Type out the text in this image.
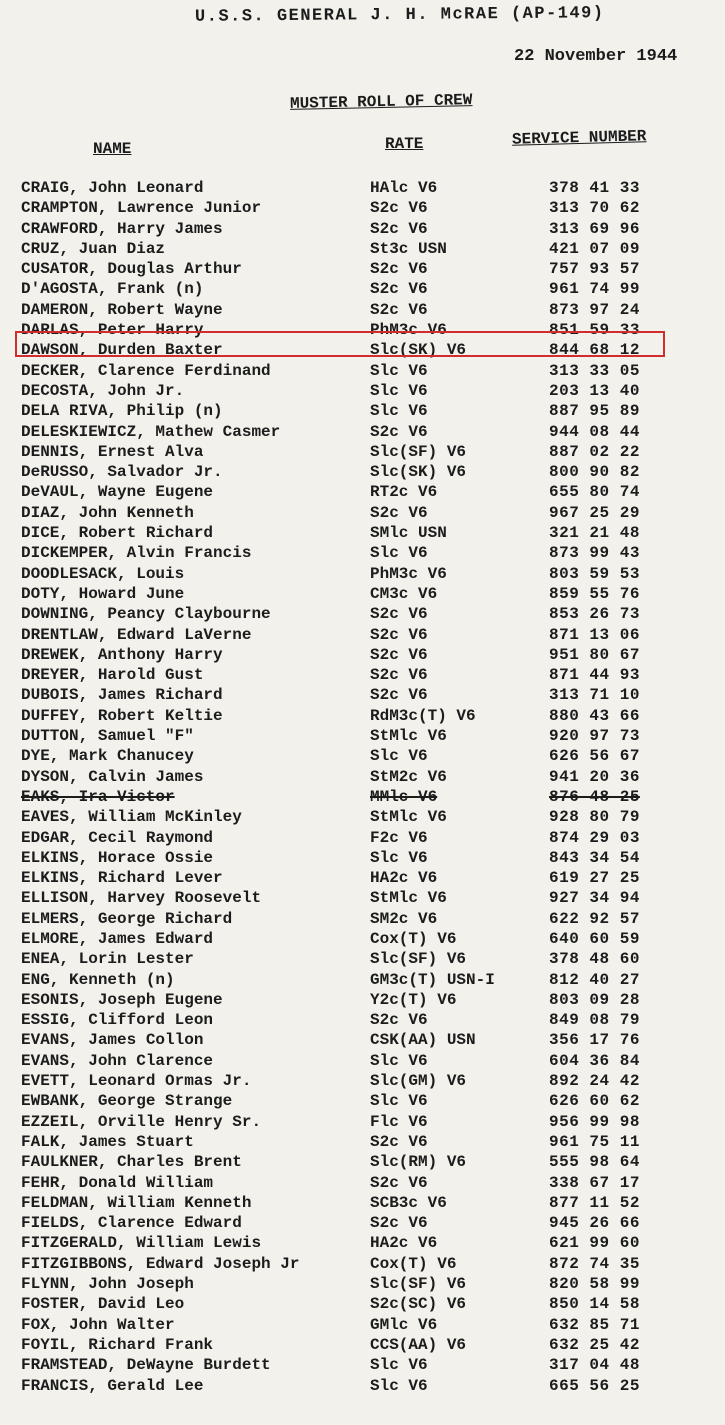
U.S.S. GENERAL J. H. McRAE (AP-149)
22 November 1944
MUSTER ROLL OF CREW
NAME	RATE	SERVICE NUMBER
CRAIG, John Leonard	HAlc V6	378 41 33
CRAMPTON, Lawrence Junior	S2c V6	313 70 62
CRAWFORD, Harry James	S2c V6	313 69 96
CRUZ, Juan Diaz	St3c USN	421 07 09
CUSATOR, Douglas Arthur	S2c V6	757 93 57
D'AGOSTA, Frank (n)	S2c V6	961 74 99
DAMERON, Robert Wayne	S2c V6	873 97 24
DARLAS, Peter Harry	PhM3c V6	851 59 33
DAWSON, Durden Baxter	Slc(SK) V6	844 68 12
DECKER, Clarence Ferdinand	Slc V6	313 33 05
DECOSTA, John Jr.	Slc V6	203 13 40
DELA RIVA, Philip (n)	Slc V6	887 95 89
DELESKIEWICZ, Mathew Casmer	S2c V6	944 08 44
DENNIS, Ernest Alva	Slc(SF) V6	887 02 22
DeRUSSO, Salvador Jr.	Slc(SK) V6	800 90 82
DeVAUL, Wayne Eugene	RT2c V6	655 80 74
DIAZ, John Kenneth	S2c V6	967 25 29
DICE, Robert Richard	SMlc USN	321 21 48
DICKEMPER, Alvin Francis	Slc V6	873 99 43
DOODLESACK, Louis	PhM3c V6	803 59 53
DOTY, Howard June	CM3c V6	859 55 76
DOWNING, Peancy Claybourne	S2c V6	853 26 73
DRENTLAW, Edward LaVerne	S2c V6	871 13 06
DREWEK, Anthony Harry	S2c V6	951 80 67
DREYER, Harold Gust	S2c V6	871 44 93
DUBOIS, James Richard	S2c V6	313 71 10
DUFFEY, Robert Keltie	RdM3c(T) V6	880 43 66
DUTTON, Samuel "F"	StMlc V6	920 97 73
DYE, Mark Chanucey	Slc V6	626 56 67
DYSON, Calvin James	StM2c V6	941 20 36
EAKS, Ira Victor	MMlc V6	876 48 25
EAVES, William McKinley	StMlc V6	928 80 79
EDGAR, Cecil Raymond	F2c V6	874 29 03
ELKINS, Horace Ossie	Slc V6	843 34 54
ELKINS, Richard Lever	HA2c V6	619 27 25
ELLISON, Harvey Roosevelt	StMlc V6	927 34 94
ELMERS, George Richard	SM2c V6	622 92 57
ELMORE, James Edward	Cox(T) V6	640 60 59
ENEA, Lorin Lester	Slc(SF) V6	378 48 60
ENG, Kenneth (n)	GM3c(T) USN-I	812 40 27
ESONIS, Joseph Eugene	Y2c(T) V6	803 09 28
ESSIG, Clifford Leon	S2c V6	849 08 79
EVANS, James Collon	CSK(AA) USN	356 17 76
EVANS, John Clarence	Slc V6	604 36 84
EVETT, Leonard Ormas Jr.	Slc(GM) V6	892 24 42
EWBANK, George Strange	Slc V6	626 60 62
EZZEIL, Orville Henry Sr.	Flc V6	956 99 98
FALK, James Stuart	S2c V6	961 75 11
FAULKNER, Charles Brent	Slc(RM) V6	555 98 64
FEHR, Donald William	S2c V6	338 67 17
FELDMAN, William Kenneth	SCB3c V6	877 11 52
FIELDS, Clarence Edward	S2c V6	945 26 66
FITZGERALD, William Lewis	HA2c V6	621 99 60
FITZGIBBONS, Edward Joseph Jr	Cox(T) V6	872 74 35
FLYNN, John Joseph	Slc(SF) V6	820 58 99
FOSTER, David Leo	S2c(SC) V6	850 14 58
FOX, John Walter	GMlc V6	632 85 71
FOYIL, Richard Frank	CCS(AA) V6	632 25 42
FRAMSTEAD, DeWayne Burdett	Slc V6	317 04 48
FRANCIS, Gerald Lee	Slc V6	665 56 25
